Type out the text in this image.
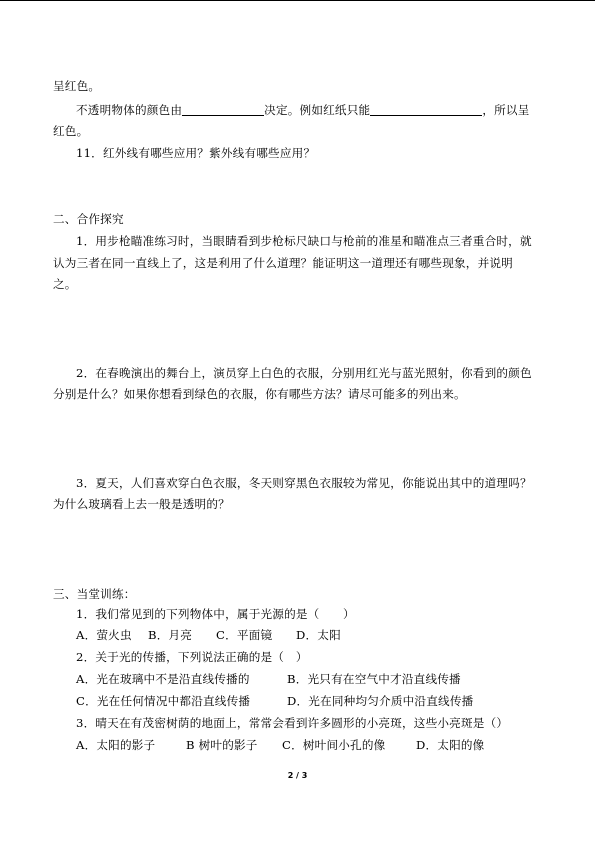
呈红色。
不透明物体的颜色由	决定。例如红纸只能	，所以呈
红色。
11．红外线有哪些应用？紫外线有哪些应用？
二、合作探究
1．用步枪瞄准练习时，当眼睛看到步枪标尺缺口与枪前的准星和瞄准点三者重合时，就
认为三者在同一直线上了，这是利用了什么道理？能证明这一道理还有哪些现象，并说明
之。
2．在春晚演出的舞台上，演员穿上白色的衣服，分别用红光与蓝光照射，你看到的颜色
分别是什么？如果你想看到绿色的衣服，你有哪些方法？请尽可能多的列出来。
3．夏天，人们喜欢穿白色衣服，冬天则穿黑色衣服较为常见，你能说出其中的道理吗？
为什么玻璃看上去一般是透明的？
三、当堂训练：
1．我们常见到的下列物体中，属于光源的是（　　）
A．萤火虫 B．月亮 C．平面镜 D．太阳
2．关于光的传播，下列说法正确的是（　）
A．光在玻璃中不是沿直线传播的	B．光只有在空气中才沿直线传播
C．光在任何情况中都沿直线传播	D．光在同种均匀介质中沿直线传播
3．晴天在有茂密树荫的地面上，常常会看到许多圆形的小亮斑，这些小亮斑是（）
A．太阳的影子	B 树叶的影子 C．树叶间小孔的像	D．太阳的像
2 / 3
